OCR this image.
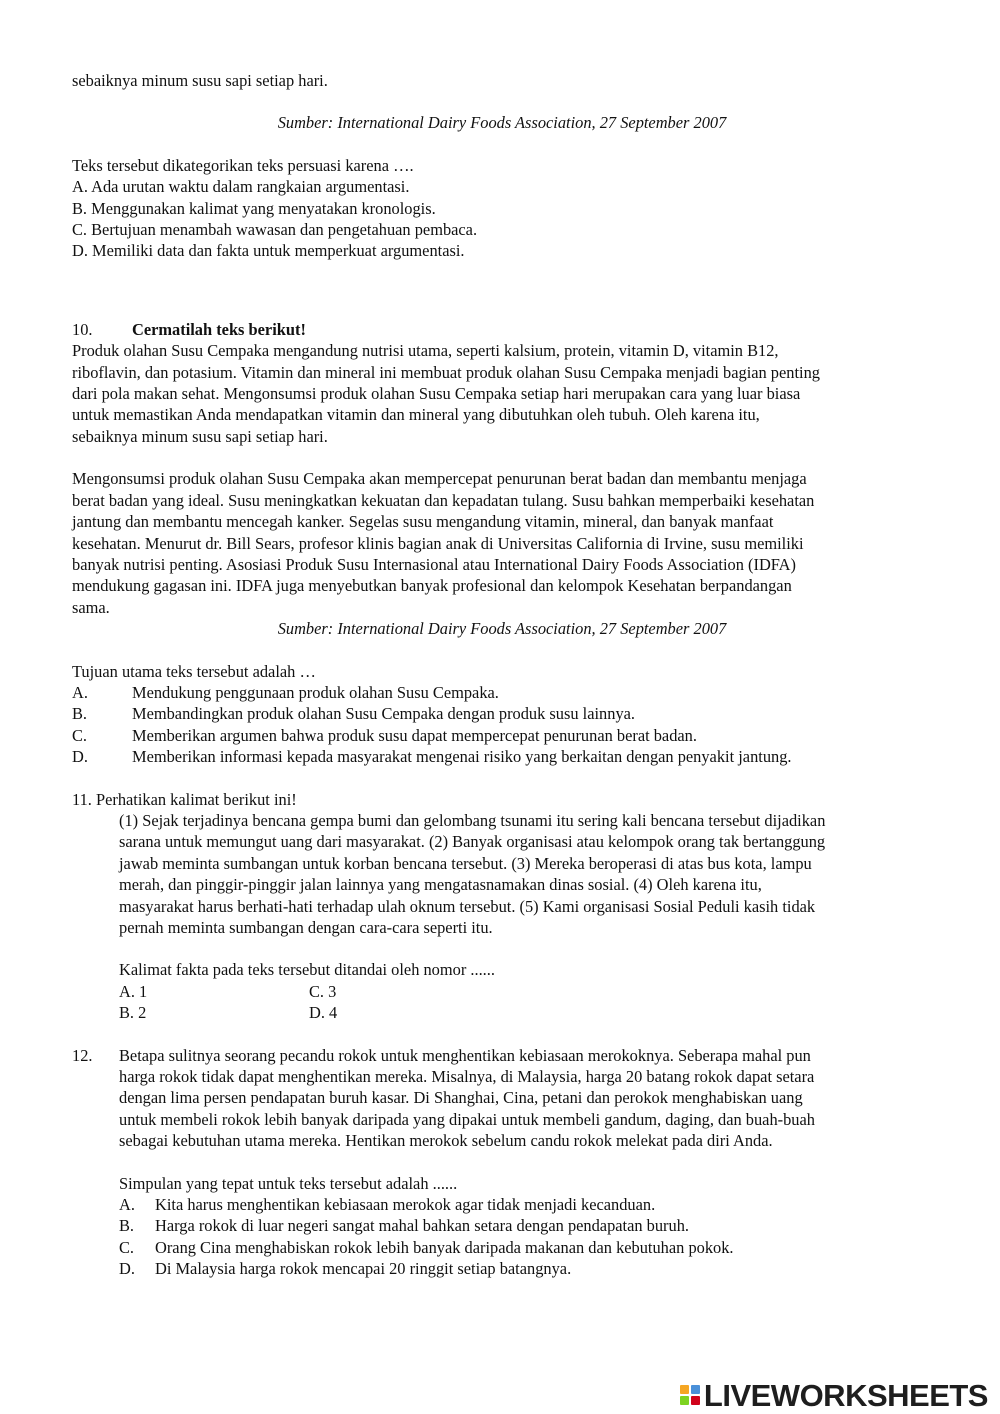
sebaiknya minum susu sapi setiap hari.

Sumber: International Dairy Foods Association, 27 September 2007

Teks tersebut dikategorikan teks persuasi karena ….

A. Ada urutan waktu dalam rangkaian argumentasi.

B. Menggunakan kalimat yang menyatakan kronologis.

C. Bertujuan menambah wawasan dan pengetahuan pembaca.

D. Memiliki data dan fakta untuk memperkuat argumentasi.

10.	Cermatilah teks berikut!

Produk olahan Susu Cempaka mengandung nutrisi utama, seperti kalsium, protein, vitamin D, vitamin B12,

riboflavin, dan potasium. Vitamin dan mineral ini membuat produk olahan Susu Cempaka menjadi bagian penting

dari pola makan sehat. Mengonsumsi produk olahan Susu Cempaka setiap hari merupakan cara yang luar biasa

untuk memastikan Anda mendapatkan vitamin dan mineral yang dibutuhkan oleh tubuh. Oleh karena itu,

sebaiknya minum susu sapi setiap hari.

Mengonsumsi produk olahan Susu Cempaka akan mempercepat penurunan berat badan dan membantu menjaga

berat badan yang ideal. Susu meningkatkan kekuatan dan kepadatan tulang. Susu bahkan memperbaiki kesehatan

jantung dan membantu mencegah kanker. Segelas susu mengandung vitamin, mineral, dan banyak manfaat

kesehatan. Menurut dr. Bill Sears, profesor klinis bagian anak di Universitas California di Irvine, susu memiliki

banyak nutrisi penting. Asosiasi Produk Susu Internasional atau International Dairy Foods Association (IDFA)

mendukung gagasan ini. IDFA juga menyebutkan banyak profesional dan kelompok Kesehatan berpandangan

sama.

Sumber: International Dairy Foods Association, 27 September 2007

Tujuan utama teks tersebut adalah …

A.	Mendukung penggunaan produk olahan Susu Cempaka.
B.	Membandingkan produk olahan Susu Cempaka dengan produk susu lainnya.
C.	Memberikan argumen bahwa produk susu dapat mempercepat penurunan berat badan.
D.	Memberikan informasi kepada masyarakat mengenai risiko yang berkaitan dengan penyakit jantung.

11. Perhatikan kalimat berikut ini!

(1) Sejak terjadinya bencana gempa bumi dan gelombang tsunami itu sering kali bencana tersebut dijadikan

sarana untuk memungut uang dari masyarakat. (2) Banyak organisasi atau kelompok orang tak bertanggung

jawab meminta sumbangan untuk korban bencana tersebut. (3) Mereka beroperasi di atas bus kota, lampu

merah, dan pinggir-pinggir jalan lainnya yang mengatasnamakan dinas sosial. (4) Oleh karena itu,

masyarakat harus berhati-hati terhadap ulah oknum tersebut. (5) Kami organisasi Sosial Peduli kasih tidak

pernah meminta sumbangan dengan cara-cara seperti itu.

Kalimat fakta pada teks tersebut ditandai oleh nomor ......

A. 1	C. 3
B. 2	D. 4
12.	Betapa sulitnya seorang pecandu rokok untuk menghentikan kebiasaan merokoknya. Seberapa mahal pun

harga rokok tidak dapat menghentikan mereka. Misalnya, di Malaysia, harga 20 batang rokok dapat setara

dengan lima persen pendapatan buruh kasar. Di Shanghai, Cina, petani dan perokok menghabiskan uang

untuk membeli rokok lebih banyak daripada yang dipakai untuk membeli gandum, daging, dan buah-buah

sebagai kebutuhan utama mereka. Hentikan merokok sebelum candu rokok melekat pada diri Anda.

Simpulan yang tepat untuk teks tersebut adalah ......

A.	Kita harus menghentikan kebiasaan merokok agar tidak menjadi kecanduan.
B.	Harga rokok di luar negeri sangat mahal bahkan setara dengan pendapatan buruh.
C.	Orang Cina menghabiskan rokok lebih banyak daripada makanan dan kebutuhan pokok.
D.	Di Malaysia harga rokok mencapai 20 ringgit setiap batangnya.
LIVEWORKSHEETS
